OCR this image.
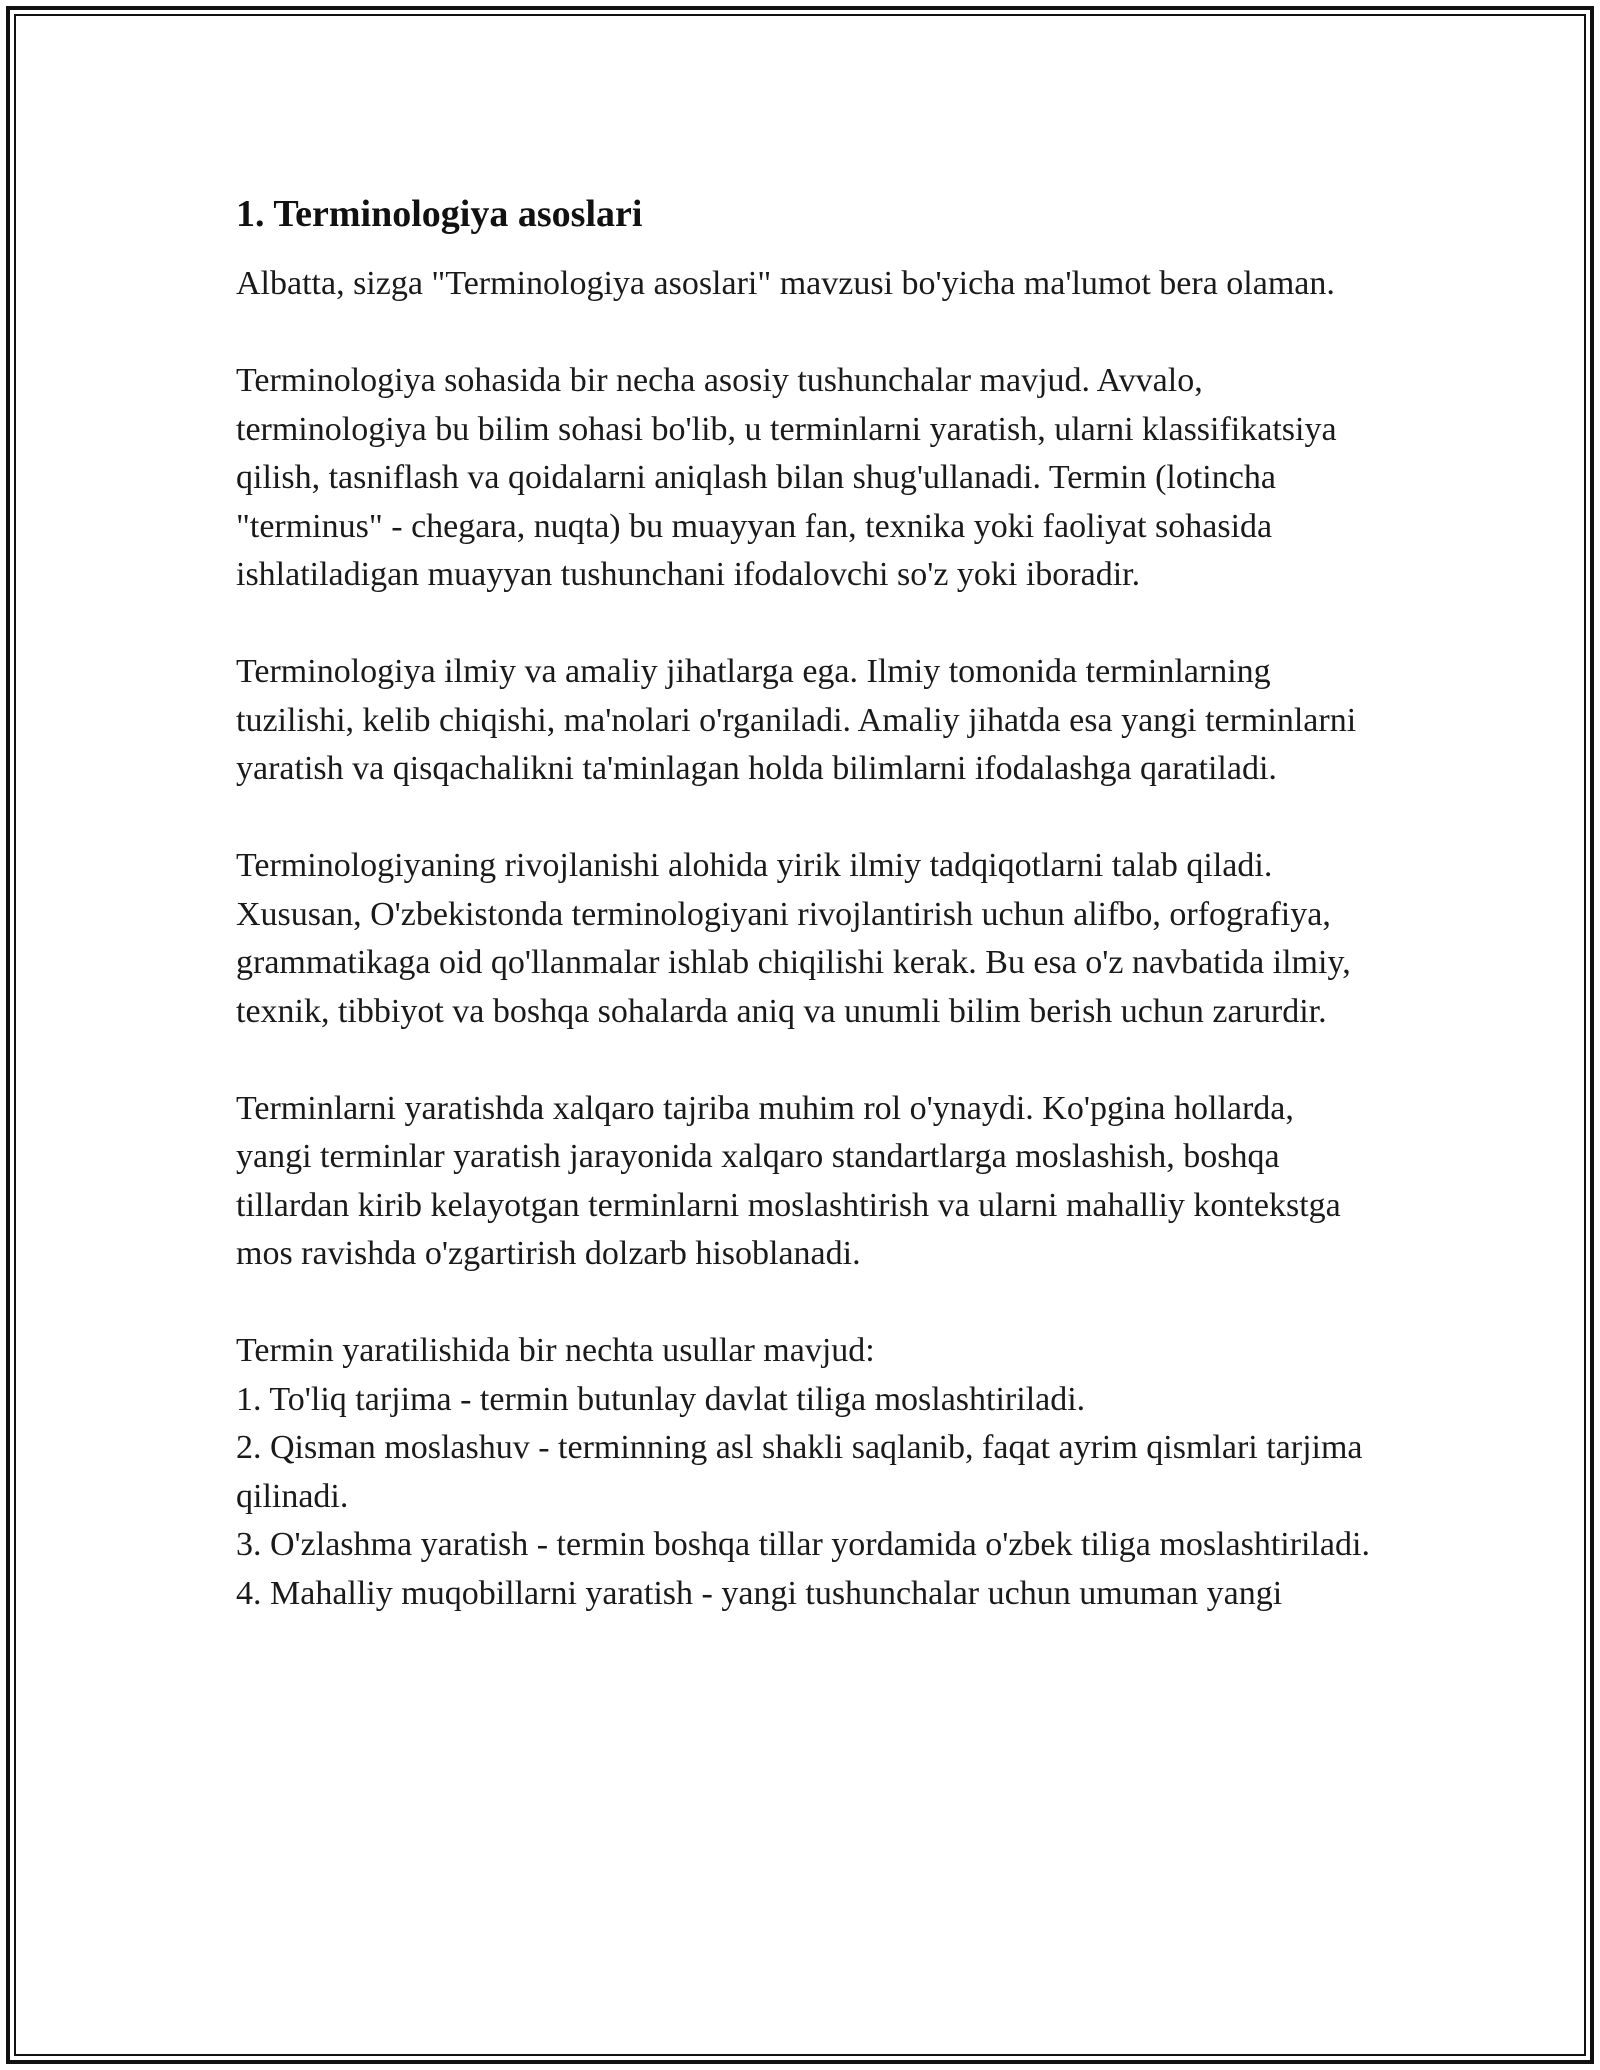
1. Terminologiya asoslari

Albatta, sizga "Terminologiya asoslari" mavzusi bo'yicha ma'lumot bera olaman.

Terminologiya sohasida bir necha asosiy tushunchalar mavjud. Avvalo, terminologiya bu bilim sohasi bo'lib, u terminlarni yaratish, ularni klassifikatsiya qilish, tasniflash va qoidalarni aniqlash bilan shug'ullanadi. Termin (lotincha "terminus" - chegara, nuqta) bu muayyan fan, texnika yoki faoliyat sohasida ishlatiladigan muayyan tushunchani ifodalovchi so'z yoki iboradir.

Terminologiya ilmiy va amaliy jihatlarga ega. Ilmiy tomonida terminlarning tuzilishi, kelib chiqishi, ma'nolari o'rganiladi. Amaliy jihatda esa yangi terminlarni yaratish va qisqachalikni ta'minlagan holda bilimlarni ifodalashga qaratiladi.

Terminologiyaning rivojlanishi alohida yirik ilmiy tadqiqotlarni talab qiladi. Xususan, O'zbekistonda terminologiyani rivojlantirish uchun alifbo, orfografiya, grammatikaga oid qo'llanmalar ishlab chiqilishi kerak. Bu esa o'z navbatida ilmiy, texnik, tibbiyot va boshqa sohalarda aniq va unumli bilim berish uchun zarurdir.

Terminlarni yaratishda xalqaro tajriba muhim rol o'ynaydi. Ko'pgina hollarda, yangi terminlar yaratish jarayonida xalqaro standartlarga moslashish, boshqa tillardan kirib kelayotgan terminlarni moslashtirish va ularni mahalliy kontekstga mos ravishda o'zgartirish dolzarb hisoblanadi.

Termin yaratilishida bir nechta usullar mavjud:

1. To'liq tarjima - termin butunlay davlat tiliga moslashtiriladi.
2. Qisman moslashuv - terminning asl shakli saqlanib, faqat ayrim qismlari tarjima qilinadi.
3. O'zlashma yaratish - termin boshqa tillar yordamida o'zbek tiliga moslashtiriladi.
4. Mahalliy muqobillarni yaratish - yangi tushunchalar uchun umuman yangi
